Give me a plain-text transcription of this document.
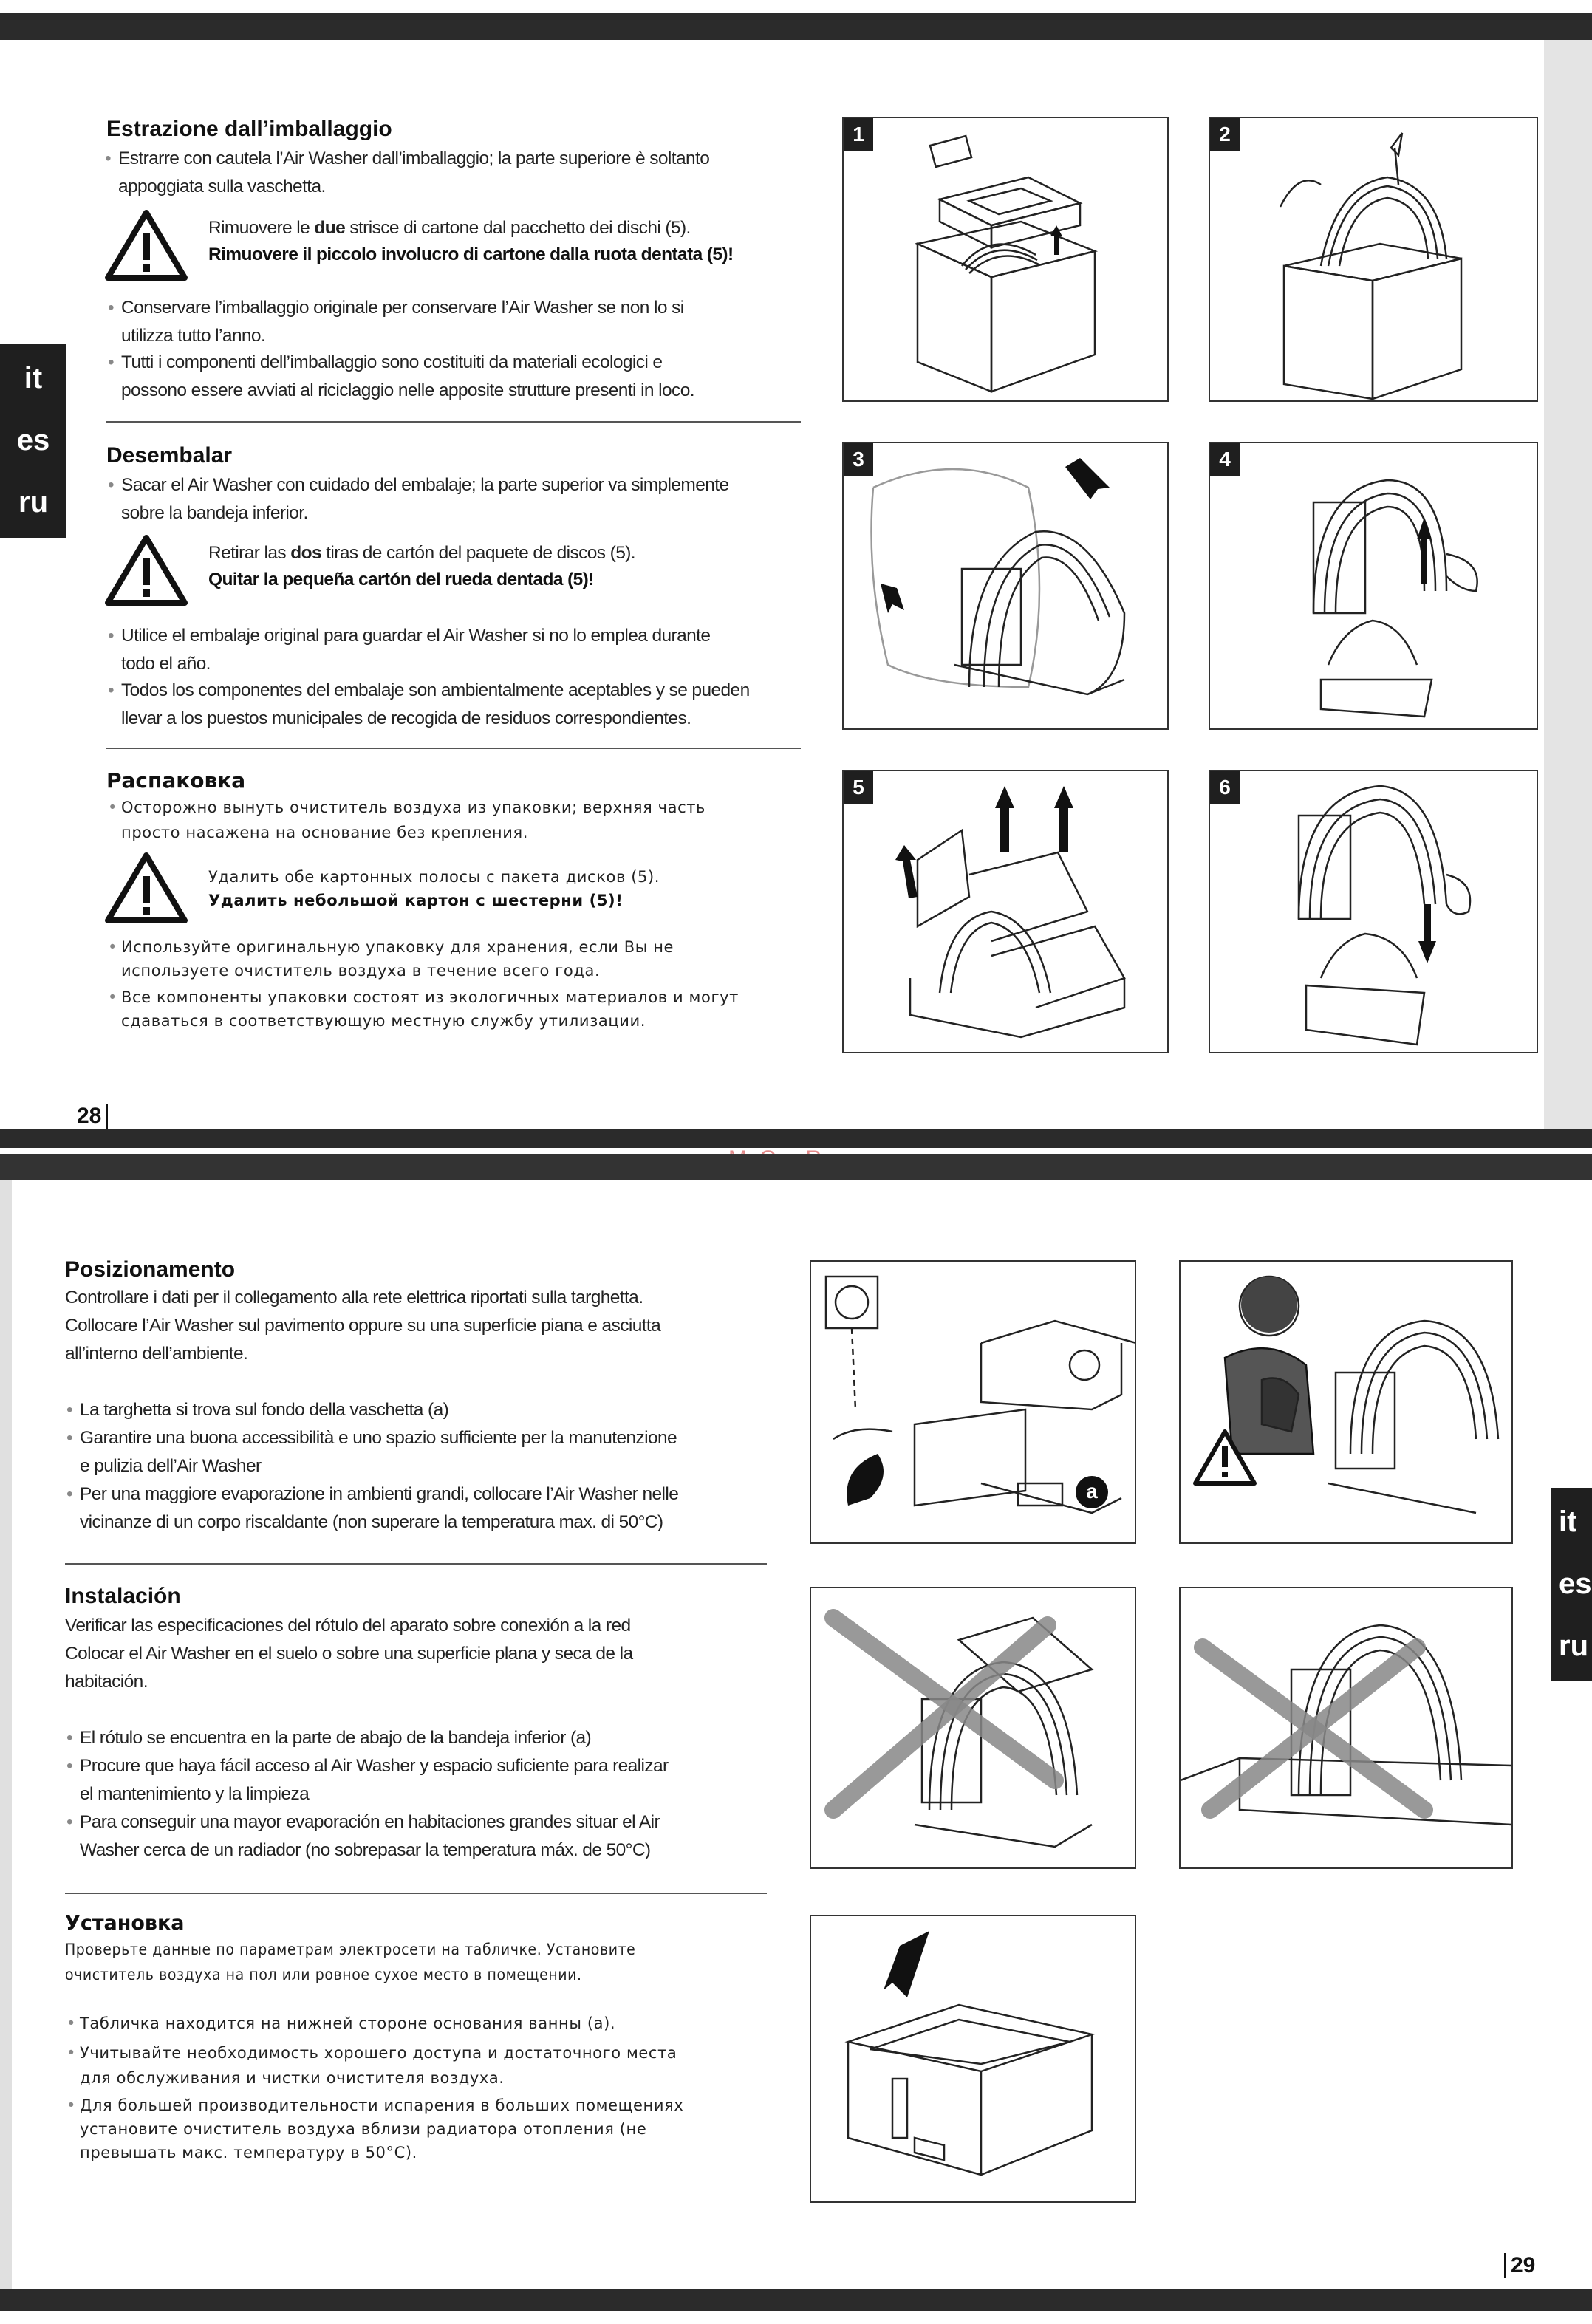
it
es
ru
Estrazione dall’imballaggio
• Estrarre con cautela l’Air Washer dall’imballaggio; la parte superiore è soltanto
appoggiata sulla vaschetta.
Rimuovere le due strisce di cartone dal pacchetto dei dischi (5).
Rimuovere il piccolo involucro di cartone dalla ruota dentata (5)!
• Conservare l’imballaggio originale per conservare l’Air Washer se non lo si
utilizza tutto l’anno.
• Tutti i componenti dell’imballaggio sono costituiti da materiali ecologici e
possono essere avviati al riciclaggio nelle apposite strutture presenti in loco.
Desembalar
• Sacar el Air Washer con cuidado del embalaje; la parte superior va simplemente
sobre la bandeja inferior.
Retirar las dos tiras de cartón del paquete de discos (5).
Quitar la pequeña cartón del rueda dentada (5)!
• Utilice el embalaje original para guardar el Air Washer si no lo emplea durante
todo el año.
• Todos los componentes del embalaje son ambientalmente aceptables y se pueden
llevar a los puestos municipales de recogida de residuos correspondientes.
Распаковка
• Осторожно вынуть очиститель воздуха из упаковки; верхняя часть
просто насажена на основание без крепления.
Удалить обе картонных полосы с пакета дисков (5).
Удалить небольшой картон с шестерни (5)!
• Используйте оригинальную упаковку для хранения, если Вы не
используете очиститель воздуха в течение всего года.
• Все компоненты упаковки состоят из экологичных материалов и могут
сдаваться в соответствующую местную службу утилизации.
28
1	2
3	4
5	6
it
es
ru
Posizionamento
Controllare i dati per il collegamento alla rete elettrica riportati sulla targhetta.
Collocare l’Air Washer sul pavimento oppure su una superficie piana e asciutta
all’interno dell’ambiente.
• La targhetta si trova sul fondo della vaschetta (a)
• Garantire una buona accessibilità e uno spazio sufficiente per la manutenzione
e pulizia dell’Air Washer
• Per una maggiore evaporazione in ambienti grandi, collocare l’Air Washer nelle
vicinanze di un corpo riscaldante (non superare la temperatura max. di 50°C)
Instalación
Verificar las especificaciones del rótulo del aparato sobre conexión a la red
Colocar el Air Washer en el suelo o sobre una superficie plana y seca de la
habitación.
• El rótulo se encuentra en la parte de abajo de la bandeja inferior (a)
• Procure que haya fácil acceso al Air Washer y espacio suficiente para realizar
el mantenimiento y la limpieza
• Para conseguir una mayor evaporación en habitaciones grandes situar el Air
Washer cerca de un radiador (no sobrepasar la temperatura máx. de 50°C)
Установка
Проверьте данные по параметрам электросети на табличке. Установите
очиститель воздуха на пол или ровное сухое место в помещении.
• Табличка находится на нижней стороне основания ванны (a).
• Учитывайте необходимость хорошего доступа и достаточного места
для обслуживания и чистки очистителя воздуха.
• Для большей производительности испарения в больших помещениях
установите очиститель воздуха вблизи радиатора отопления (не
превышать макс. температуру в 50°C).
29
a
